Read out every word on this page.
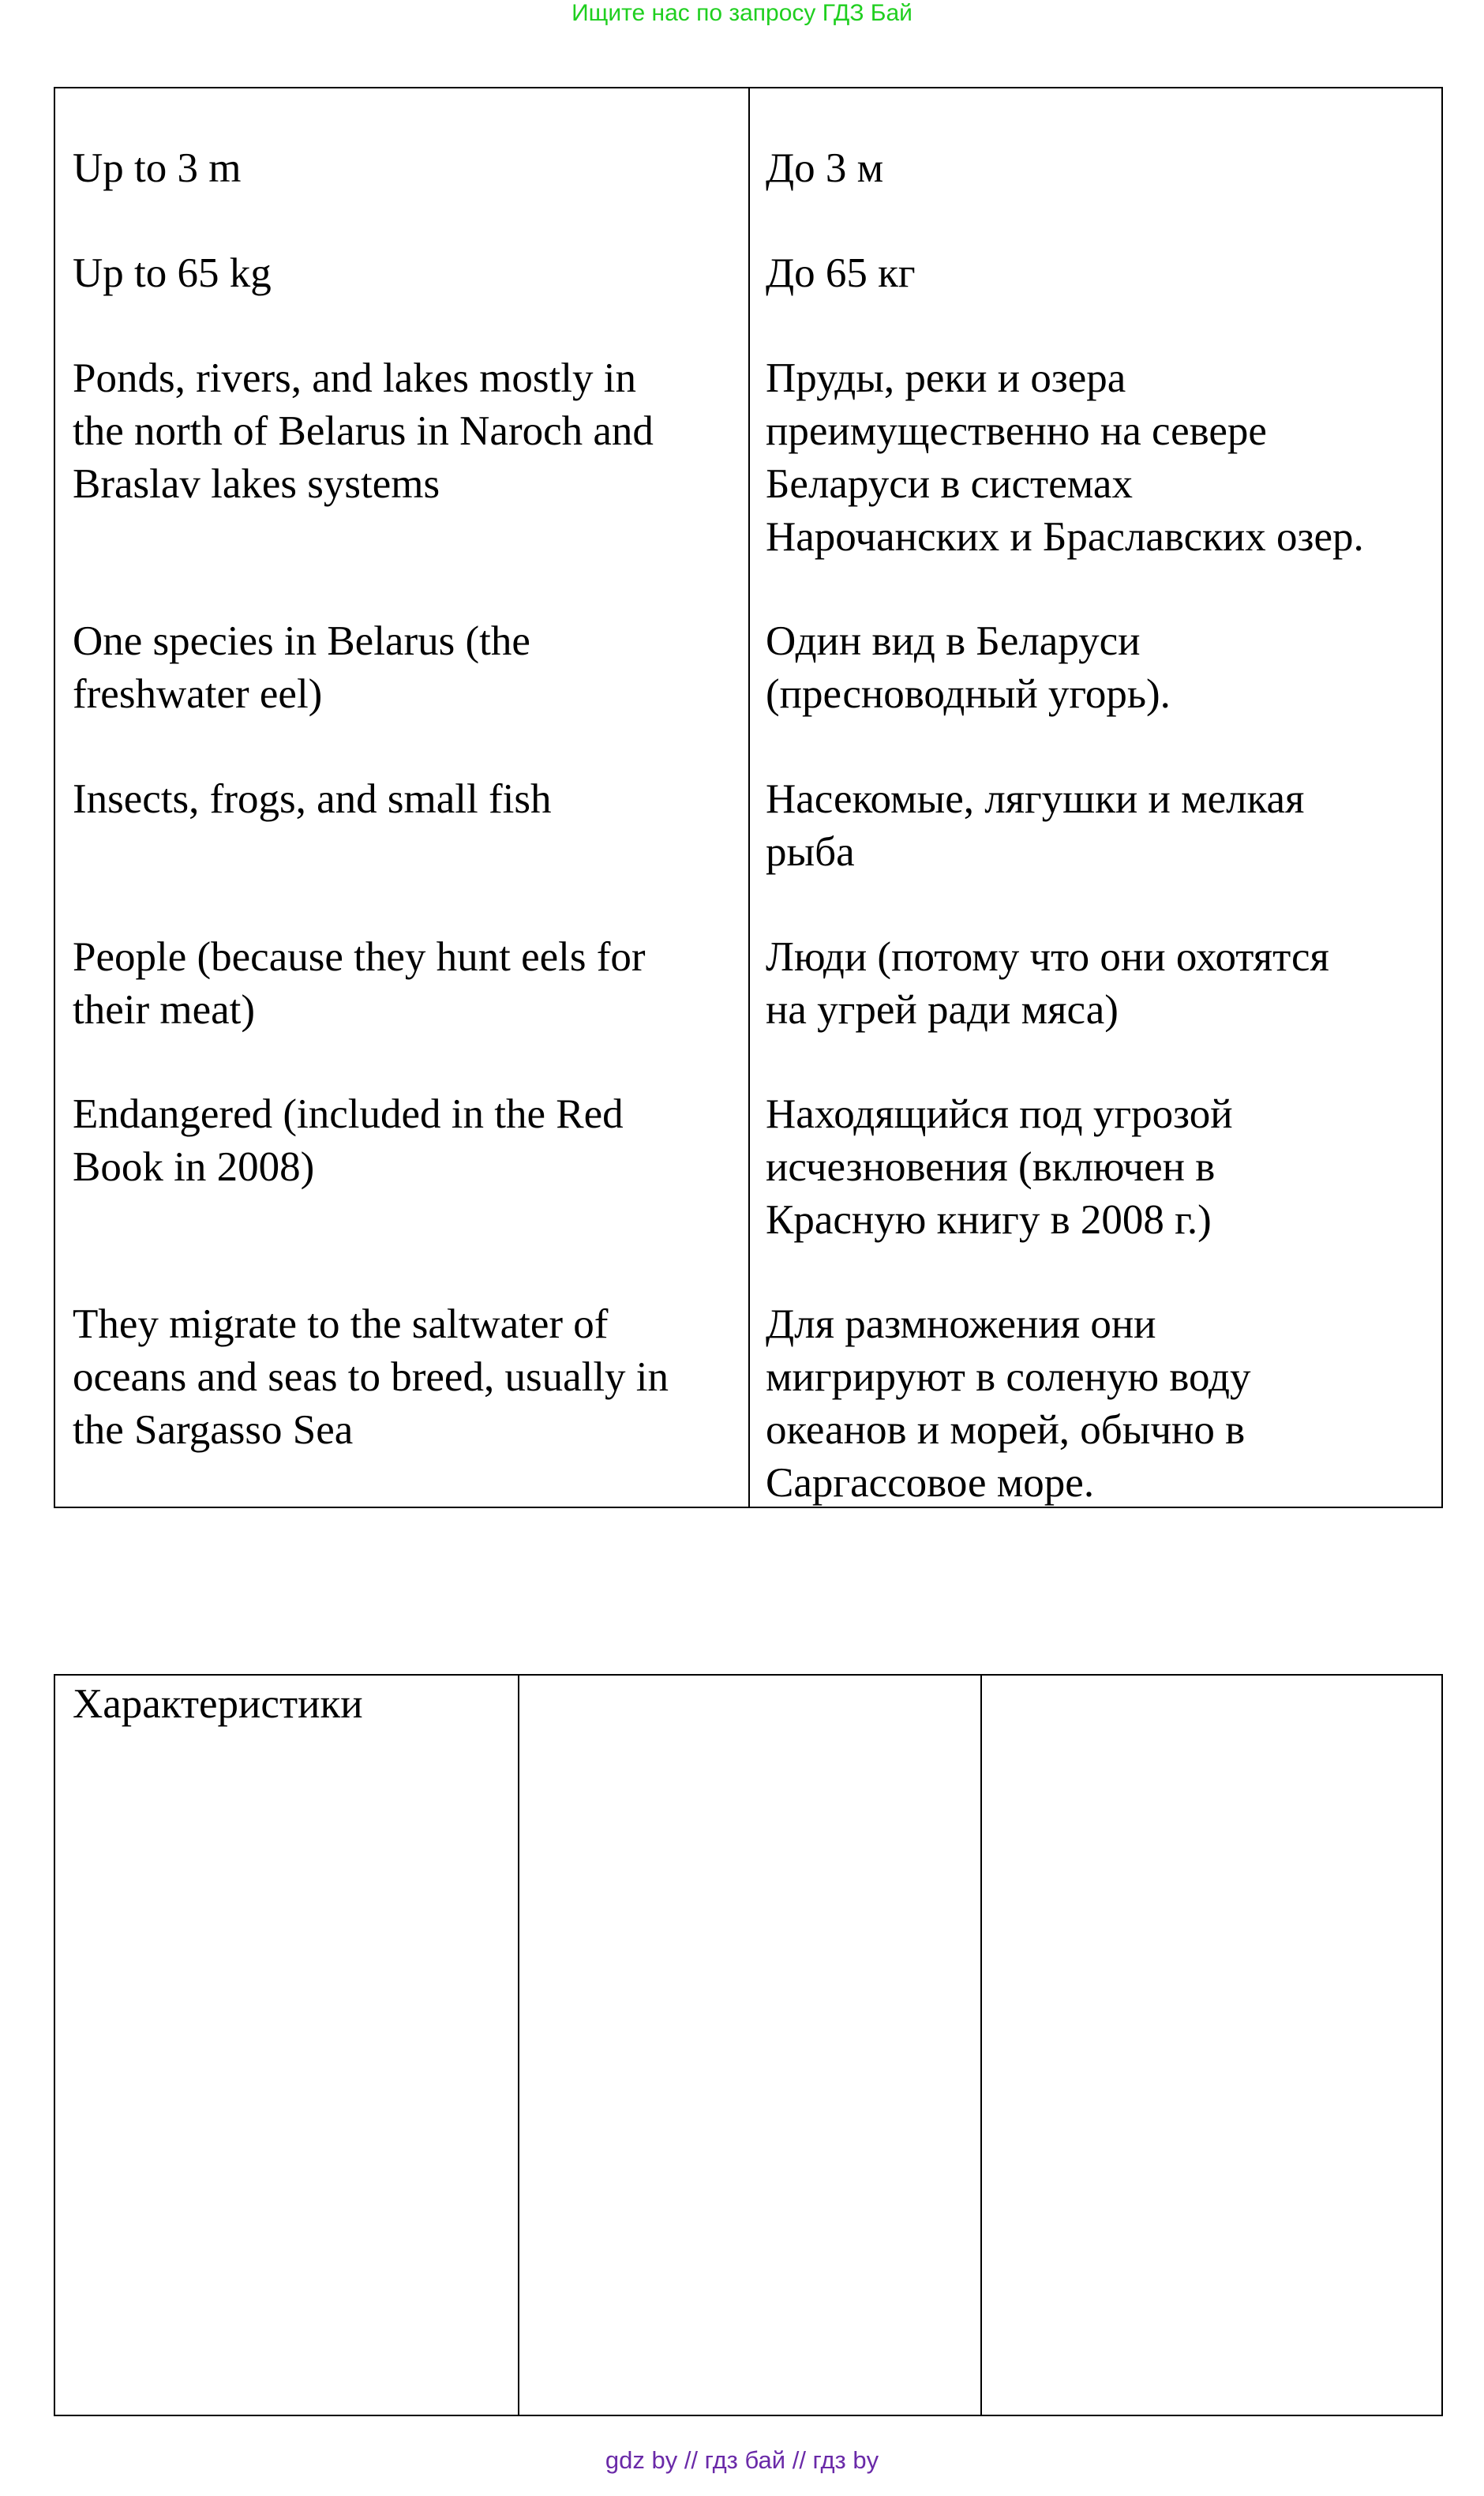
Ищите нас по запросу ГДЗ Бай
Up to 3 m
Up to 65 kg
Ponds, rivers, and lakes mostly in
the north of Belarus in Naroch and
Braslav lakes systems
One species in Belarus (the
freshwater eel)
Insects, frogs, and small fish
People (because they hunt eels for
their meat)
Endangered (included in the Red
Book in 2008)
They migrate to the saltwater of
oceans and seas to breed, usually in
the Sargasso Sea
До 3 м
До 65 кг
Пруды, реки и озера
преимущественно на севере
Беларуси в системах
Нарочанских и Браславских озер.
Один вид в Беларуси
(пресноводный угорь).
Насекомые, лягушки и мелкая
рыба
Люди (потому что они охотятся
на угрей ради мяса)
Находящийся под угрозой
исчезновения (включен в
Красную книгу в 2008 г.)
Для размножения они
мигрируют в соленую воду
океанов и морей, обычно в
Саргассовое море.
Характеристики
gdz by // гдз бай // гдз by
